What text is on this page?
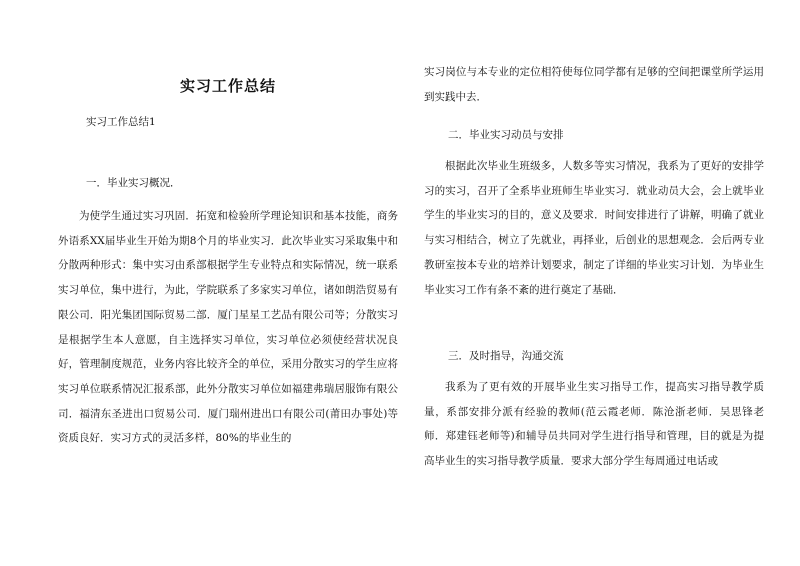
实习工作总结
实习工作总结1
一．毕业实习概况．

为使学生通过实习巩固．拓宽和检验所学理论知识和基本技能，商务外语系XX届毕业生开始为期8个月的毕业实习．此次毕业实习采取集中和分散两种形式：集中实习由系部根据学生专业特点和实际情况，统一联系实习单位，集中进行，为此，学院联系了多家实习单位，诸如朗浩贸易有限公司．阳光集团国际贸易二部．厦门星星工艺品有限公司等；分散实习是根据学生本人意愿，自主选择实习单位，实习单位必须使经营状况良好，管理制度规范，业务内容比较齐全的单位，采用分散实习的学生应将实习单位联系情况汇报系部，此外分散实习单位如福建弗瑞居服饰有限公司．福清东圣进出口贸易公司．厦门瑞州进出口有限公司(莆田办事处)等资质良好．实习方式的灵活多样，80%的毕业生的

实习岗位与本专业的定位相符使每位同学都有足够的空间把课堂所学运用到实践中去．

二．毕业实习动员与安排

根据此次毕业生班级多，人数多等实习情况，我系为了更好的安排学习的实习，召开了全系毕业班师生毕业实习．就业动员大会，会上就毕业学生的毕业实习的目的，意义及要求．时间安排进行了讲解，明确了就业与实习相结合，树立了先就业，再择业，后创业的思想观念．会后两专业教研室按本专业的培养计划要求，制定了详细的毕业实习计划．为毕业生毕业实习工作有条不紊的进行奠定了基础．

三．及时指导，沟通交流

我系为了更有效的开展毕业生实习指导工作，提高实习指导教学质量，系部安排分派有经验的教师(范云霞老师．陈沧浙老师．吴思锋老师．郑建钰老师等)和辅导员共同对学生进行指导和管理，目的就是为提高毕业生的实习指导教学质量．要求大部分学生每周通过电话或
